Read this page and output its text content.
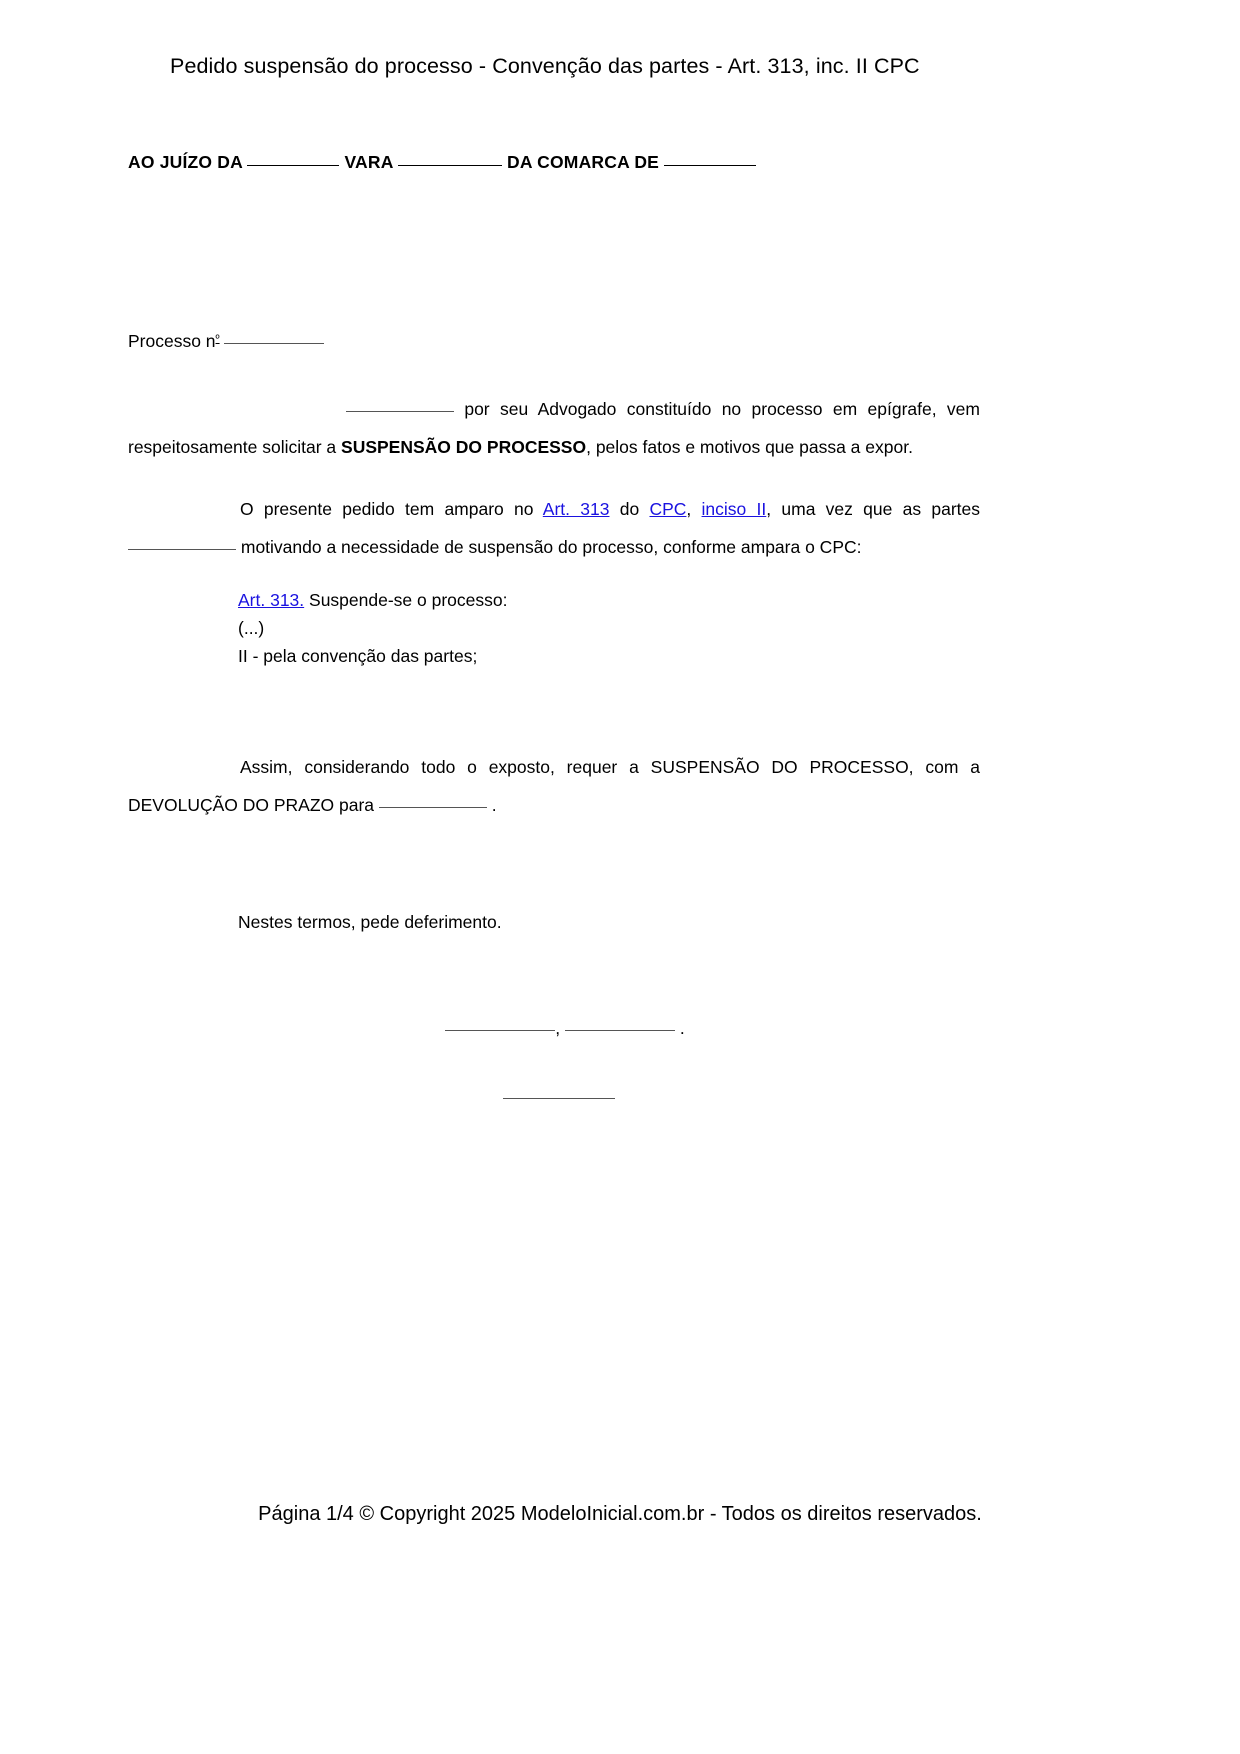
Pedido suspensão do processo - Convenção das partes - Art. 313, inc. II CPC

AO JUÍZO DA	VARA	DA COMARCA DE

Processo $n^º$

por seu Advogado constituído no processo em epígrafe, vem respeitosamente solicitar a SUSPENSÃO DO PROCESSO, pelos fatos e motivos que passa a expor.

O presente pedido tem amparo no Art. 313 do CPC, inciso II, uma vez que as partes  motivando a necessidade de suspensão do processo, conforme ampara o CPC:

Art. 313. Suspende-se o processo:

(...)

II - pela convenção das partes;

Assim, considerando todo o exposto, requer a SUSPENSÃO DO PROCESSO, com a DEVOLUÇÃO DO PRAZO para	.

Nestes termos, pede deferimento.

,	.

Página 1/4 © Copyright 2025 ModeloInicial.com.br - Todos os direitos reservados.
